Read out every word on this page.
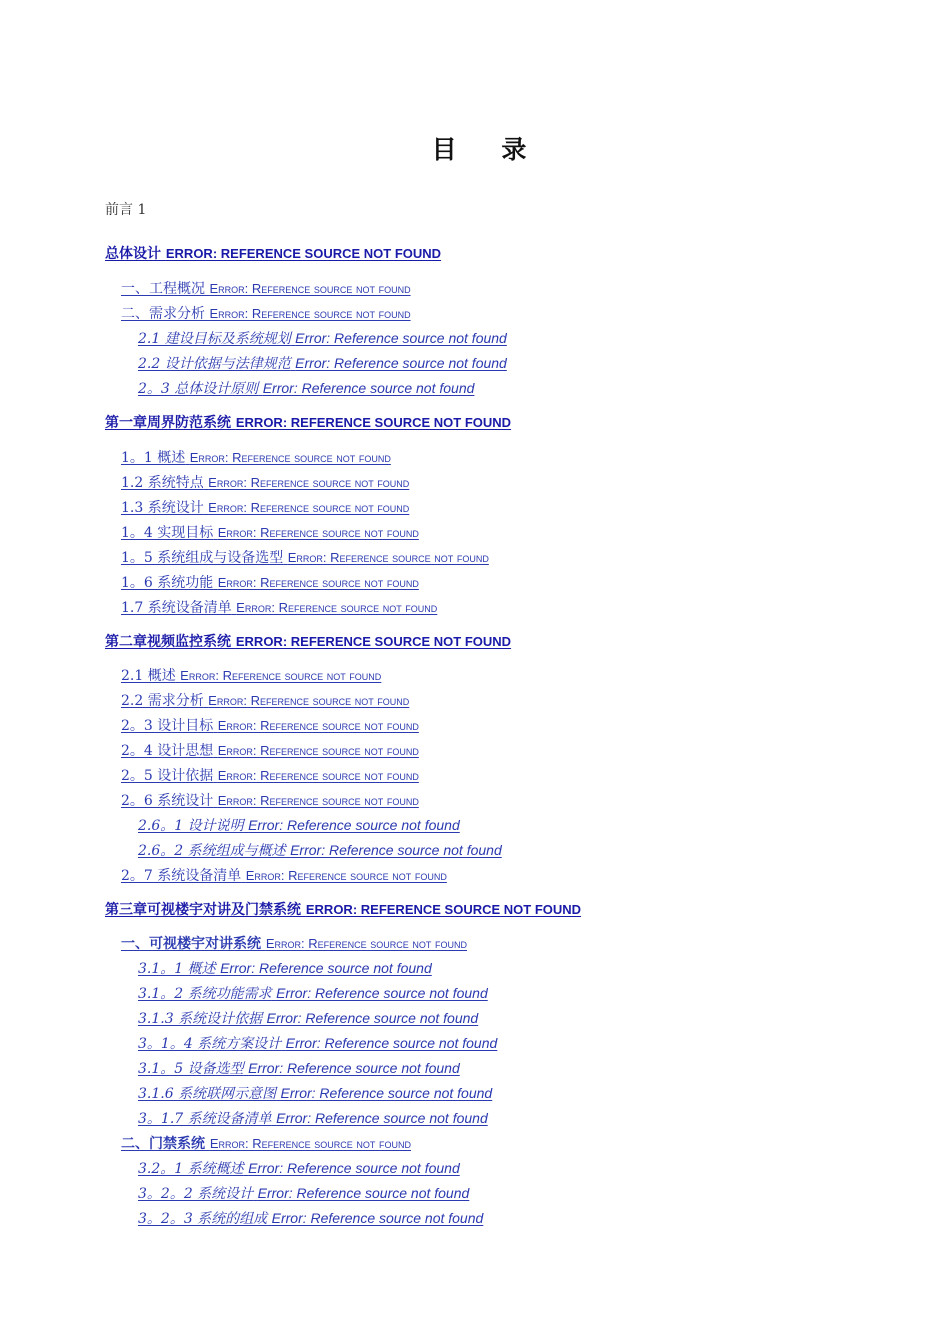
目 录
前言 1
总体设计 ERROR: REFERENCE SOURCE NOT FOUND
一、工程概况 Error: Reference source not found
二、需求分析 Error: Reference source not found
2.1 建设目标及系统规划 Error: Reference source not found
2.2 设计依据与法律规范 Error: Reference source not found
2。3 总体设计原则 Error: Reference source not found
第一章周界防范系统 ERROR: REFERENCE SOURCE NOT FOUND
1。1 概述 Error: Reference source not found
1.2 系统特点 Error: Reference source not found
1.3 系统设计 Error: Reference source not found
1。4 实现目标 Error: Reference source not found
1。5 系统组成与设备选型 Error: Reference source not found
1。6 系统功能 Error: Reference source not found
1.7 系统设备清单 Error: Reference source not found
第二章视频监控系统 ERROR: REFERENCE SOURCE NOT FOUND
2.1 概述 Error: Reference source not found
2.2 需求分析 Error: Reference source not found
2。3 设计目标 Error: Reference source not found
2。4 设计思想 Error: Reference source not found
2。5 设计依据 Error: Reference source not found
2。6 系统设计 Error: Reference source not found
2.6。1 设计说明 Error: Reference source not found
2.6。2 系统组成与概述 Error: Reference source not found
2。7 系统设备清单 Error: Reference source not found
第三章可视楼宇对讲及门禁系统 ERROR: REFERENCE SOURCE NOT FOUND
一、可视楼宇对讲系统 Error: Reference source not found
3.1。1 概述 Error: Reference source not found
3.1。2 系统功能需求 Error: Reference source not found
3.1.3 系统设计依据 Error: Reference source not found
3。1。4 系统方案设计 Error: Reference source not found
3.1。5 设备选型 Error: Reference source not found
3.1.6 系统联网示意图 Error: Reference source not found
3。1.7 系统设备清单 Error: Reference source not found
二、门禁系统 Error: Reference source not found
3.2。1 系统概述 Error: Reference source not found
3。2。2 系统设计 Error: Reference source not found
3。2。3 系统的组成 Error: Reference source not found
